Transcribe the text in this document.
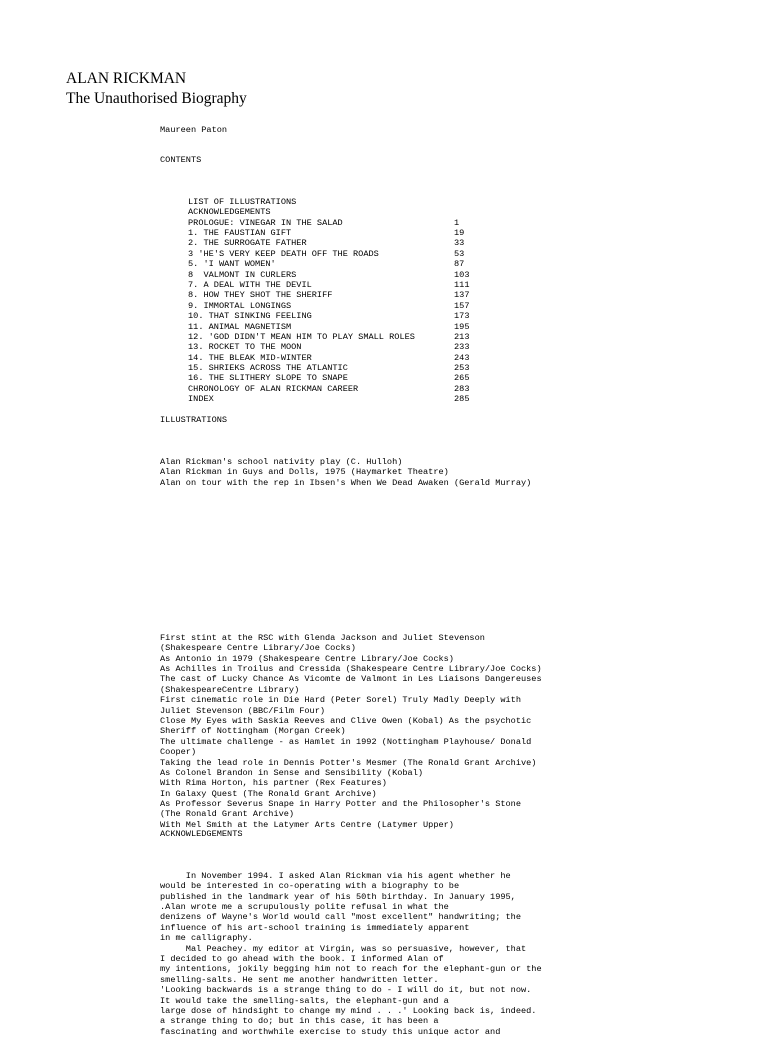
ALAN RICKMAN
The Unauthorised Biography
Maureen Paton
CONTENTS

LIST OF ILLUSTRATIONS
ACKNOWLEDGEMENTS
PROLOGUE: VINEGAR IN THE SALAD	1
1. THE FAUSTIAN GIFT	19
2. THE SURROGATE FATHER	33
3 'HE'S VERY KEEP DEATH OFF THE ROADS	53
5. 'I WANT WOMEN'	87
8  VALMONT IN CURLERS	103
7. A DEAL WITH THE DEVIL	111
8. HOW THEY SHOT THE SHERIFF	137
9. IMMORTAL LONGINGS	157
10. THAT SINKING FEELING	173
11. ANIMAL MAGNETISM	195
12. 'GOD DIDN'T MEAN HIM TO PLAY SMALL ROLES	213
13. ROCKET TO THE MOON	233
14. THE BLEAK MID-WINTER	243
15. SHRIEKS ACROSS THE ATLANTIC	253
16. THE SLITHERY SLOPE TO SNAPE	265
CHRONOLOGY OF ALAN RICKMAN CAREER	283
INDEX	285

ILLUSTRATIONS

Alan Rickman's school nativity play (C. Hulloh)
Alan Rickman in Guys and Dolls, 1975 (Haymarket Theatre)
Alan on tour with the rep in Ibsen's When We Dead Awaken (Gerald Murray)

First stint at the RSC with Glenda Jackson and Juliet Stevenson
(Shakespeare Centre Library/Joe Cocks)
As Antonio in 1979 (Shakespeare Centre Library/Joe Cocks)
As Achilles in Troilus and Cressida (Shakespeare Centre Library/Joe Cocks)
The cast of Lucky Chance As Vicomte de Valmont in Les Liaisons Dangereuses
(ShakespeareCentre Library)
First cinematic role in Die Hard (Peter Sorel) Truly Madly Deeply with
Juliet Stevenson (BBC/Film Four)
Close My Eyes with Saskia Reeves and Clive Owen (Kobal) As the psychotic
Sheriff of Nottingham (Morgan Creek)
The ultimate challenge - as Hamlet in 1992 (Nottingham Playhouse/ Donald
Cooper)
Taking the lead role in Dennis Potter's Mesmer (The Ronald Grant Archive)
As Colonel Brandon in Sense and Sensibility (Kobal)
With Rima Horton, his partner (Rex Features)
In Galaxy Quest (The Ronald Grant Archive)
As Professor Severus Snape in Harry Potter and the Philosopher's Stone
(The Ronald Grant Archive)
With Mel Smith at the Latymer Arts Centre (Latymer Upper)

ACKNOWLEDGEMENTS

In November 1994. I asked Alan Rickman via his agent whether he
would be interested in co-operating with a biography to be
published in the landmark year of his 50th birthday. In January 1995,
.Alan wrote me a scrupulously polite refusal in what the
denizens of Wayne's World would call "most excellent" handwriting; the
influence of his art-school training is immediately apparent
in me calligraphy.
Mal Peachey. my editor at Virgin, was so persuasive, however, that
I decided to go ahead with the book. I informed Alan of
my intentions, jokily begging him not to reach for the elephant-gun or the
smelling-salts. He sent me another handwritten letter.
'Looking backwards is a strange thing to do - I will do it, but not now.
It would take the smelling-salts, the elephant-gun and a
large dose of hindsight to change my mind . . .' Looking back is, indeed.
a strange thing to do; but in this case, it has been a
fascinating and worthwhile exercise to study this unique actor and
